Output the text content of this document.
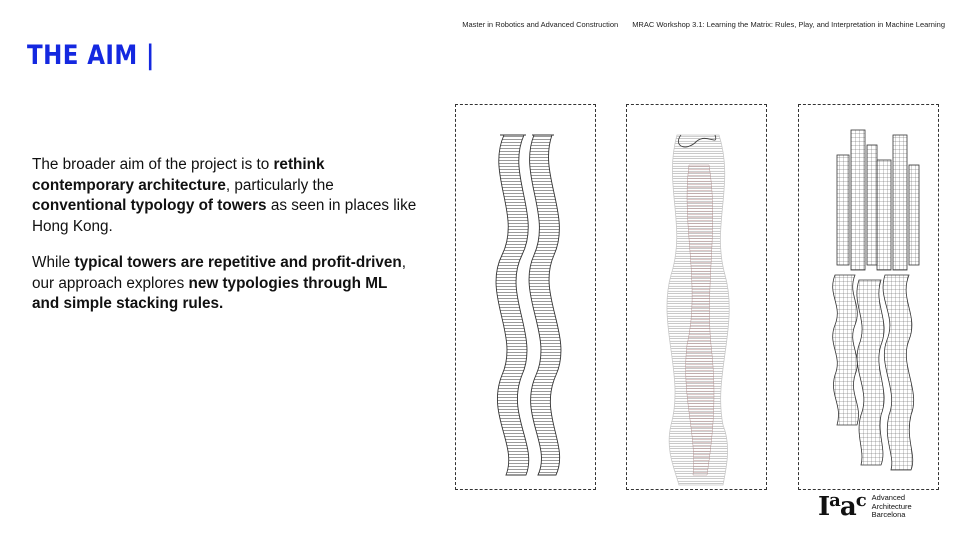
Master in Robotics and Advanced Construction MRAC Workshop 3.1: Learning the Matrix: Rules, Play, and Interpretation in Machine Learning
THE AIM |

The broader aim of the project is to rethink contemporary architecture, particularly the conventional typology of towers as seen in places like Hong Kong.

While typical towers are repetitive and profit-driven, our approach explores new typologies through ML and simple stacking rules.

$I^aa^c$ Advanced
Architecture
Barcelona
